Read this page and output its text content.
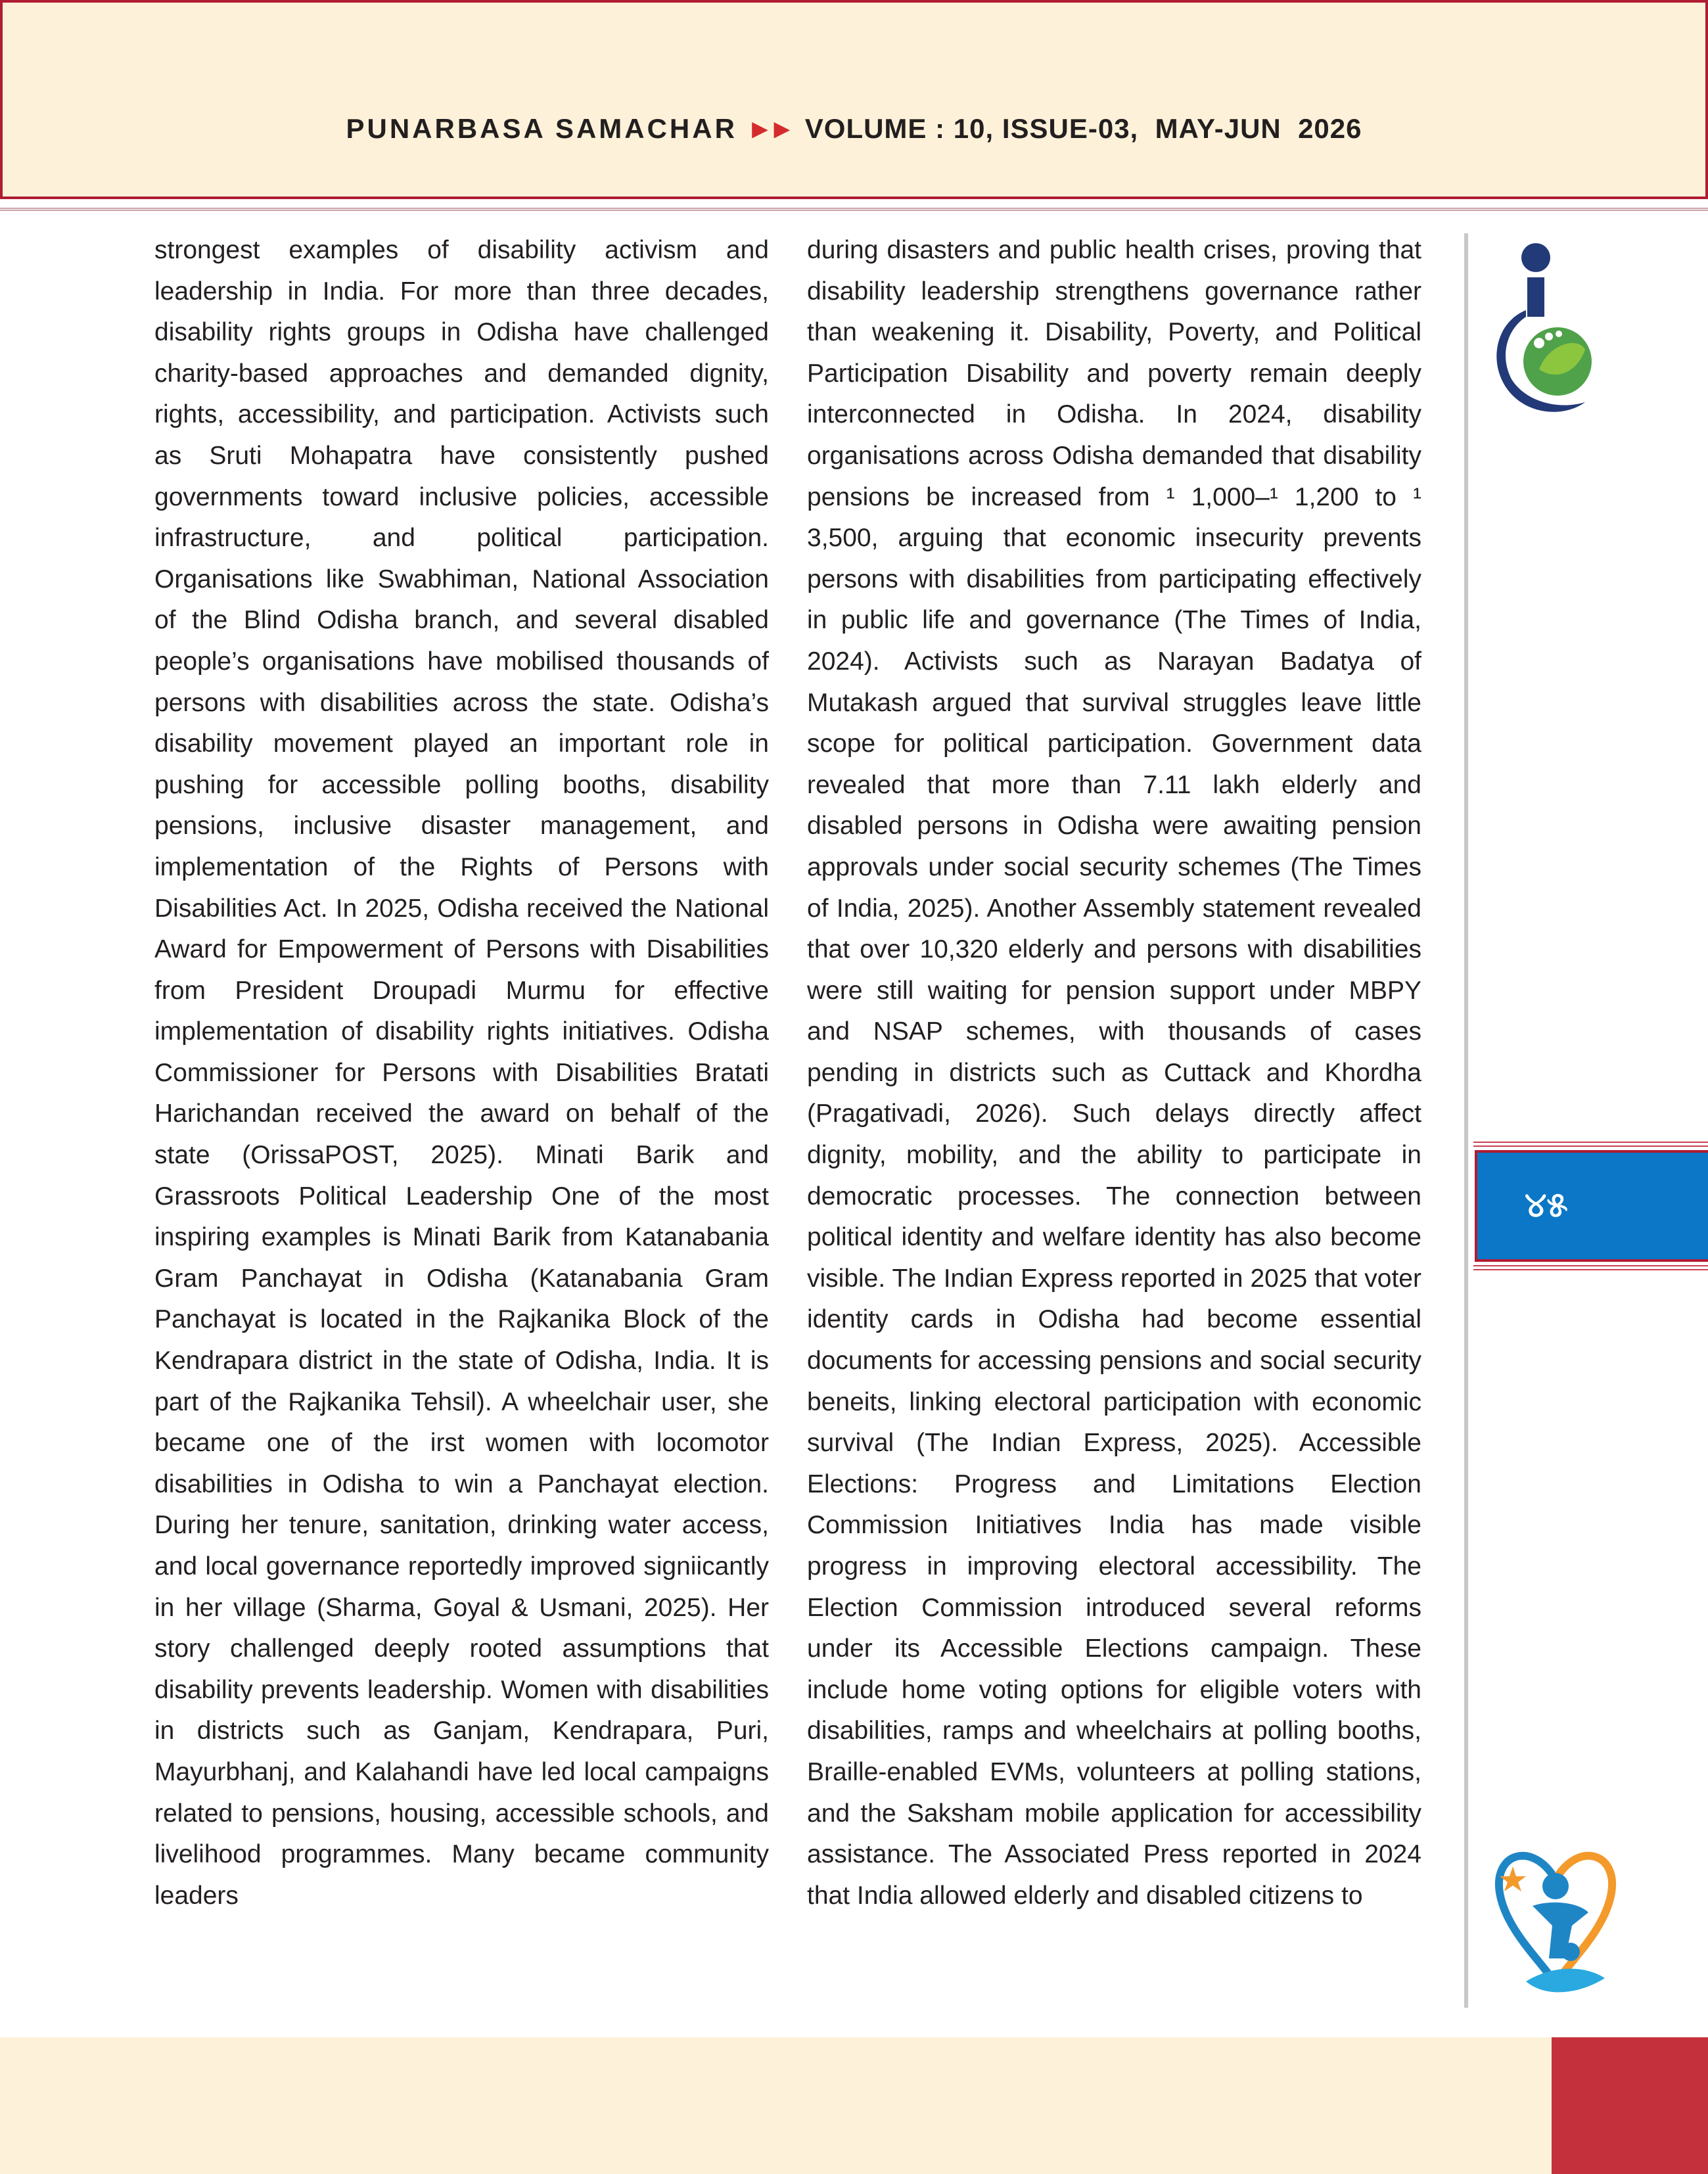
PUNARBASA SAMACHAR ▶ ▶ VOLUME : 10, ISSUE-03,  MAY-JUN  2026
strongest examples of disability activism and leadership in India. For more than three decades, disability rights groups in Odisha have challenged charity-based approaches and demanded dignity, rights, accessibility, and participation. Activists such as Sruti Mohapatra have consistently pushed governments toward inclusive policies, accessible infrastructure, and political participation. Organisations like Swabhiman, National Association of the Blind Odisha branch, and several disabled people’s organisations have mobilised thousands of persons with disabilities across the state. Odisha’s disability movement played an important role in pushing for accessible polling booths, disability pensions, inclusive disaster management, and implementation of the Rights of Persons with Disabilities Act. In 2025, Odisha received the National Award for Empowerment of Persons with Disabilities from President Droupadi Murmu for effective implementation of disability rights initiatives. Odisha Commissioner for Persons with Disabilities Bratati Harichandan received the award on behalf of the state (OrissaPOST, 2025). Minati Barik and Grassroots Political Leadership One of the most inspiring examples is Minati Barik from Katanabania Gram Panchayat in Odisha (Katanabania Gram Panchayat is located in the Rajkanika Block of the Kendrapara district in the state of Odisha, India. It is part of the Rajkanika Tehsil). A wheelchair user, she became one of the irst women with locomotor disabilities in Odisha to win a Panchayat election. During her tenure, sanitation, drinking water access, and local governance reportedly improved signiicantly in her village (Sharma, Goyal & Usmani, 2025). Her story challenged deeply rooted assumptions that disability prevents leadership. Women with disabilities in districts such as Ganjam, Kendrapara, Puri, Mayurbhanj, and Kalahandi have led local campaigns related to pensions, housing, accessible schools, and livelihood programmes. Many became community leaders
during disasters and public health crises, proving that disability leadership strengthens governance rather than weakening it. Disability, Poverty, and Political Participation Disability and poverty remain deeply interconnected in Odisha. In 2024, disability organisations across Odisha demanded that disability pensions be increased from ¹ 1,000–¹ 1,200 to ¹ 3,500, arguing that economic insecurity prevents persons with disabilities from participating effectively in public life and governance (The Times of India, 2024). Activists such as Narayan Badatya of Mutakash argued that survival struggles leave little scope for political participation. Government data revealed that more than 7.11 lakh elderly and disabled persons in Odisha were awaiting pension approvals under social security schemes (The Times of India, 2025). Another Assembly statement revealed that over 10,320 elderly and persons with disabilities were still waiting for pension support under MBPY and NSAP schemes, with thousands of cases pending in districts such as Cuttack and Khordha (Pragativadi, 2026). Such delays directly affect dignity, mobility, and the ability to participate in democratic processes. The connection between political identity and welfare identity has also become visible. The Indian Express reported in 2025 that voter identity cards in Odisha had become essential documents for accessing pensions and social security beneits, linking electoral participation with economic survival (The Indian Express, 2025). Accessible Elections: Progress and Limitations Election Commission Initiatives India has made visible progress in improving electoral accessibility. The Election Commission introduced several reforms under its Accessible Elections campaign. These include home voting options for eligible voters with disabilities, ramps and wheelchairs at polling booths, Braille-enabled EVMs, volunteers at polling stations, and the Saksham mobile application for accessibility assistance. The Associated Press reported in 2024 that India allowed elderly and disabled citizens to
୪୫
